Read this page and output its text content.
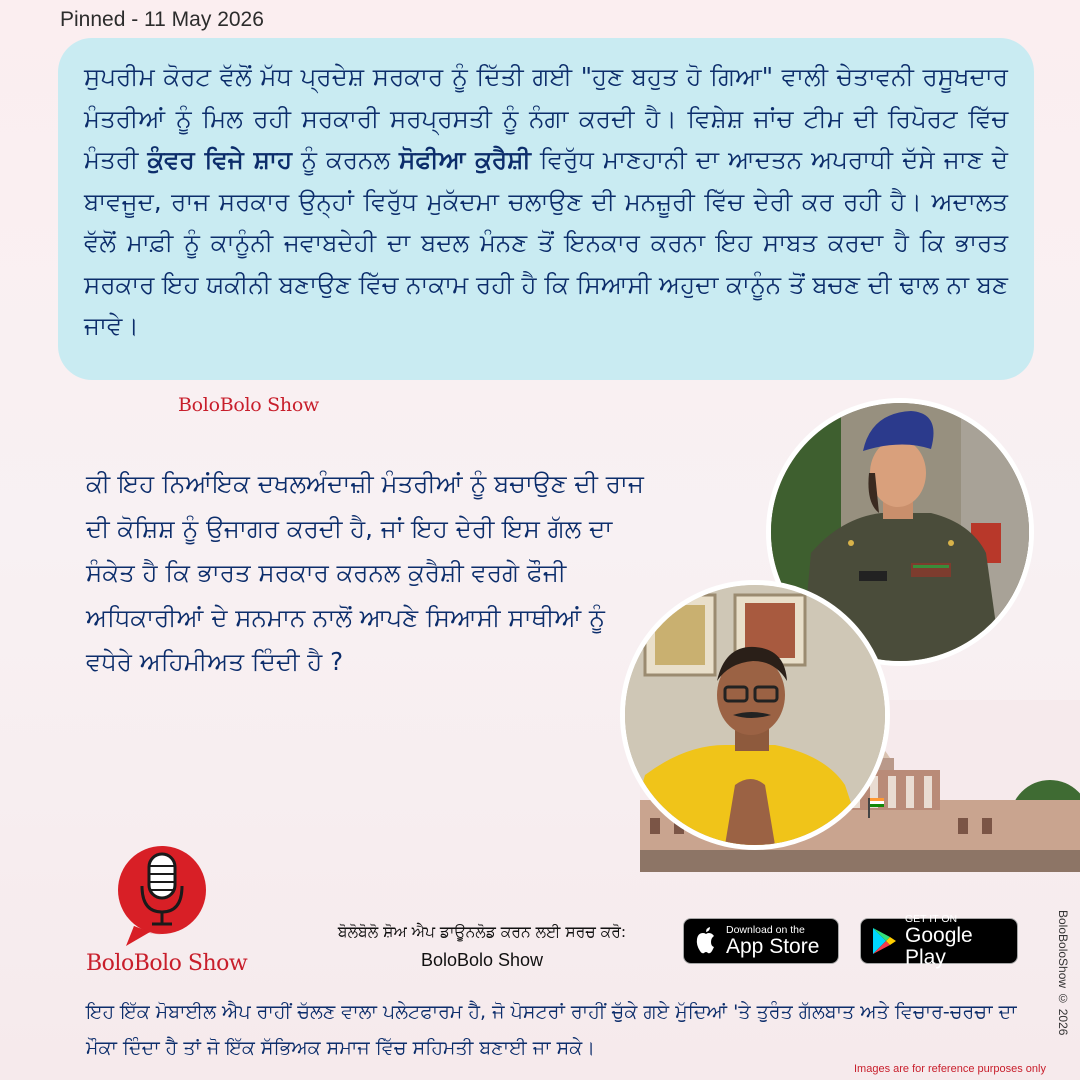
Pinned - 11 May 2026

ਸੁਪਰੀਮ ਕੋਰਟ ਵੱਲੋਂ ਮੱਧ ਪ੍ਰਦੇਸ਼ ਸਰਕਾਰ ਨੂੰ ਦਿੱਤੀ ਗਈ "ਹੁਣ ਬਹੁਤ ਹੋ ਗਿਆ" ਵਾਲੀ ਚੇਤਾਵਨੀ ਰਸੂਖਦਾਰ ਮੰਤਰੀਆਂ ਨੂੰ ਮਿਲ ਰਹੀ ਸਰਕਾਰੀ ਸਰਪ੍ਰਸਤੀ ਨੂੰ ਨੰਗਾ ਕਰਦੀ ਹੈ। ਵਿਸ਼ੇਸ਼ ਜਾਂਚ ਟੀਮ ਦੀ ਰਿਪੋਰਟ ਵਿੱਚ ਮੰਤਰੀ ਕੁੰਵਰ ਵਿਜੇ ਸ਼ਾਹ ਨੂੰ ਕਰਨਲ ਸੋਫੀਆ ਕੁਰੈਸ਼ੀ ਵਿਰੁੱਧ ਮਾਣਹਾਨੀ ਦਾ ਆਦਤਨ ਅਪਰਾਧੀ ਦੱਸੇ ਜਾਣ ਦੇ ਬਾਵਜੂਦ, ਰਾਜ ਸਰਕਾਰ ਉਨ੍ਹਾਂ ਵਿਰੁੱਧ ਮੁਕੱਦਮਾ ਚਲਾਉਣ ਦੀ ਮਨਜ਼ੂਰੀ ਵਿੱਚ ਦੇਰੀ ਕਰ ਰਹੀ ਹੈ। ਅਦਾਲਤ ਵੱਲੋਂ ਮਾਫ਼ੀ ਨੂੰ ਕਾਨੂੰਨੀ ਜਵਾਬਦੇਹੀ ਦਾ ਬਦਲ ਮੰਨਣ ਤੋਂ ਇਨਕਾਰ ਕਰਨਾ ਇਹ ਸਾਬਤ ਕਰਦਾ ਹੈ ਕਿ ਭਾਰਤ ਸਰਕਾਰ ਇਹ ਯਕੀਨੀ ਬਣਾਉਣ ਵਿੱਚ ਨਾਕਾਮ ਰਹੀ ਹੈ ਕਿ ਸਿਆਸੀ ਅਹੁਦਾ ਕਾਨੂੰਨ ਤੋਂ ਬਚਣ ਦੀ ਢਾਲ ਨਾ ਬਣ ਜਾਵੇ।

BoloBolo Show

ਕੀ ਇਹ ਨਿਆਂਇਕ ਦਖਲਅੰਦਾਜ਼ੀ ਮੰਤਰੀਆਂ ਨੂੰ ਬਚਾਉਣ ਦੀ ਰਾਜ ਦੀ ਕੋਸ਼ਿਸ਼ ਨੂੰ ਉਜਾਗਰ ਕਰਦੀ ਹੈ, ਜਾਂ ਇਹ ਦੇਰੀ ਇਸ ਗੱਲ ਦਾ ਸੰਕੇਤ ਹੈ ਕਿ ਭਾਰਤ ਸਰਕਾਰ ਕਰਨਲ ਕੁਰੈਸ਼ੀ ਵਰਗੇ ਫੌਜੀ ਅਧਿਕਾਰੀਆਂ ਦੇ ਸਨਮਾਨ ਨਾਲੋਂ ਆਪਣੇ ਸਿਆਸੀ ਸਾਥੀਆਂ ਨੂੰ ਵਧੇਰੇ ਅਹਿਮੀਅਤ ਦਿੰਦੀ ਹੈ ?

BoloBolo Show
ਬੋਲੋਬੋਲੋ ਸ਼ੋਅ ਐਪ ਡਾਊਨਲੋਡ ਕਰਨ ਲਈ ਸਰਚ ਕਰੋ:
BoloBolo Show
Download on the
App Store
GET IT ON
Google Play

ਇਹ ਇੱਕ ਮੋਬਾਈਲ ਐਪ ਰਾਹੀਂ ਚੱਲਣ ਵਾਲਾ ਪਲੇਟਫਾਰਮ ਹੈ, ਜੋ ਪੋਸਟਰਾਂ ਰਾਹੀਂ ਚੁੱਕੇ ਗਏ ਮੁੱਦਿਆਂ 'ਤੇ ਤੁਰੰਤ ਗੱਲਬਾਤ ਅਤੇ ਵਿਚਾਰ-ਚਰਚਾ ਦਾ ਮੌਕਾ ਦਿੰਦਾ ਹੈ ਤਾਂ ਜੋ ਇੱਕ ਸੱਭਿਅਕ ਸਮਾਜ ਵਿੱਚ ਸਹਿਮਤੀ ਬਣਾਈ ਜਾ ਸਕੇ।

BoloBoloShow © 2026
Images are for reference purposes only
